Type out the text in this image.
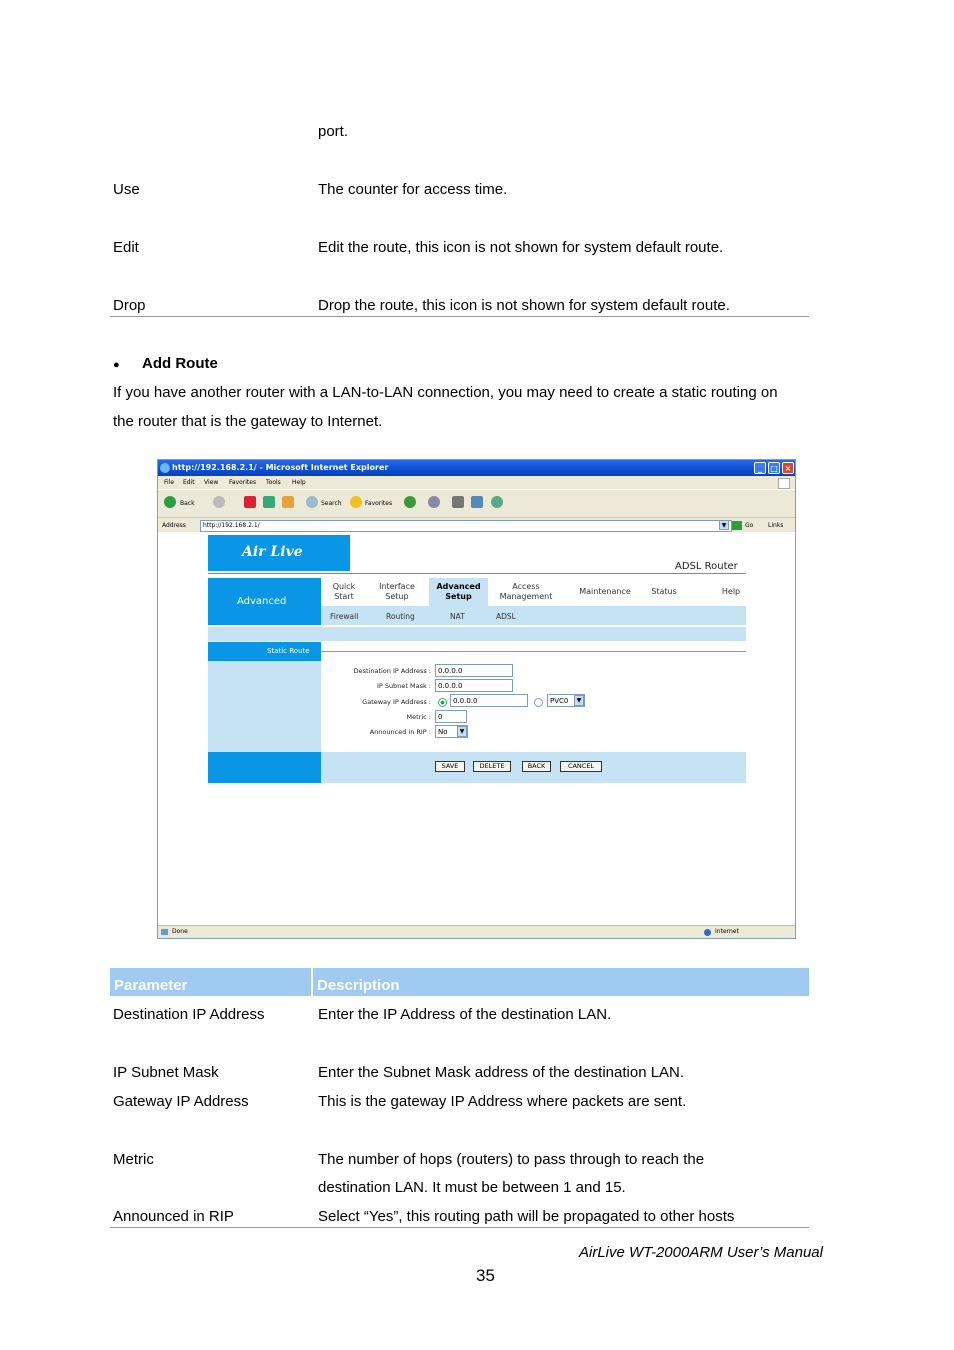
port.
Use	The counter for access time.
Edit	Edit the route, this icon is not shown for system default route.
Drop	Drop the route, this icon is not shown for system default route.
● Add Route
If you have another router with a LAN-to-LAN connection, you may need to create a static routing on
the router that is the gateway to Internet.
http://192.168.2.1/ - Microsoft Internet Explorer	_	□ ×
File Edit View Favorites Tools Help
Back	Search	Favorites
Address	http://192.168.2.1/	▼	Go Links
Air Live
ADSL Router
Advanced
Quick
Start
Interface
Setup
Advanced
Setup
Access
Management
Maintenance	Status	Help
Firewall	Routing	NAT	ADSL
Static Route
Destination IP Address :	0.0.0.0
IP Subnet Mask :	0.0.0.0
Gateway IP Address :	0.0.0.0	PVC0	▼
Metric :	0
Announced in RIP :	No	▼
SAVE	DELETE	BACK	CANCEL
Done	Internet
Parameter	Description
Destination IP Address	Enter the IP Address of the destination LAN.
IP Subnet Mask	Enter the Subnet Mask address of the destination LAN.
Gateway IP Address	This is the gateway IP Address where packets are sent.
Metric	The number of hops (routers) to pass through to reach the
destination LAN. It must be between 1 and 15.
Announced in RIP	Select “Yes”, this routing path will be propagated to other hosts
AirLive WT-2000ARM User’s Manual
35
